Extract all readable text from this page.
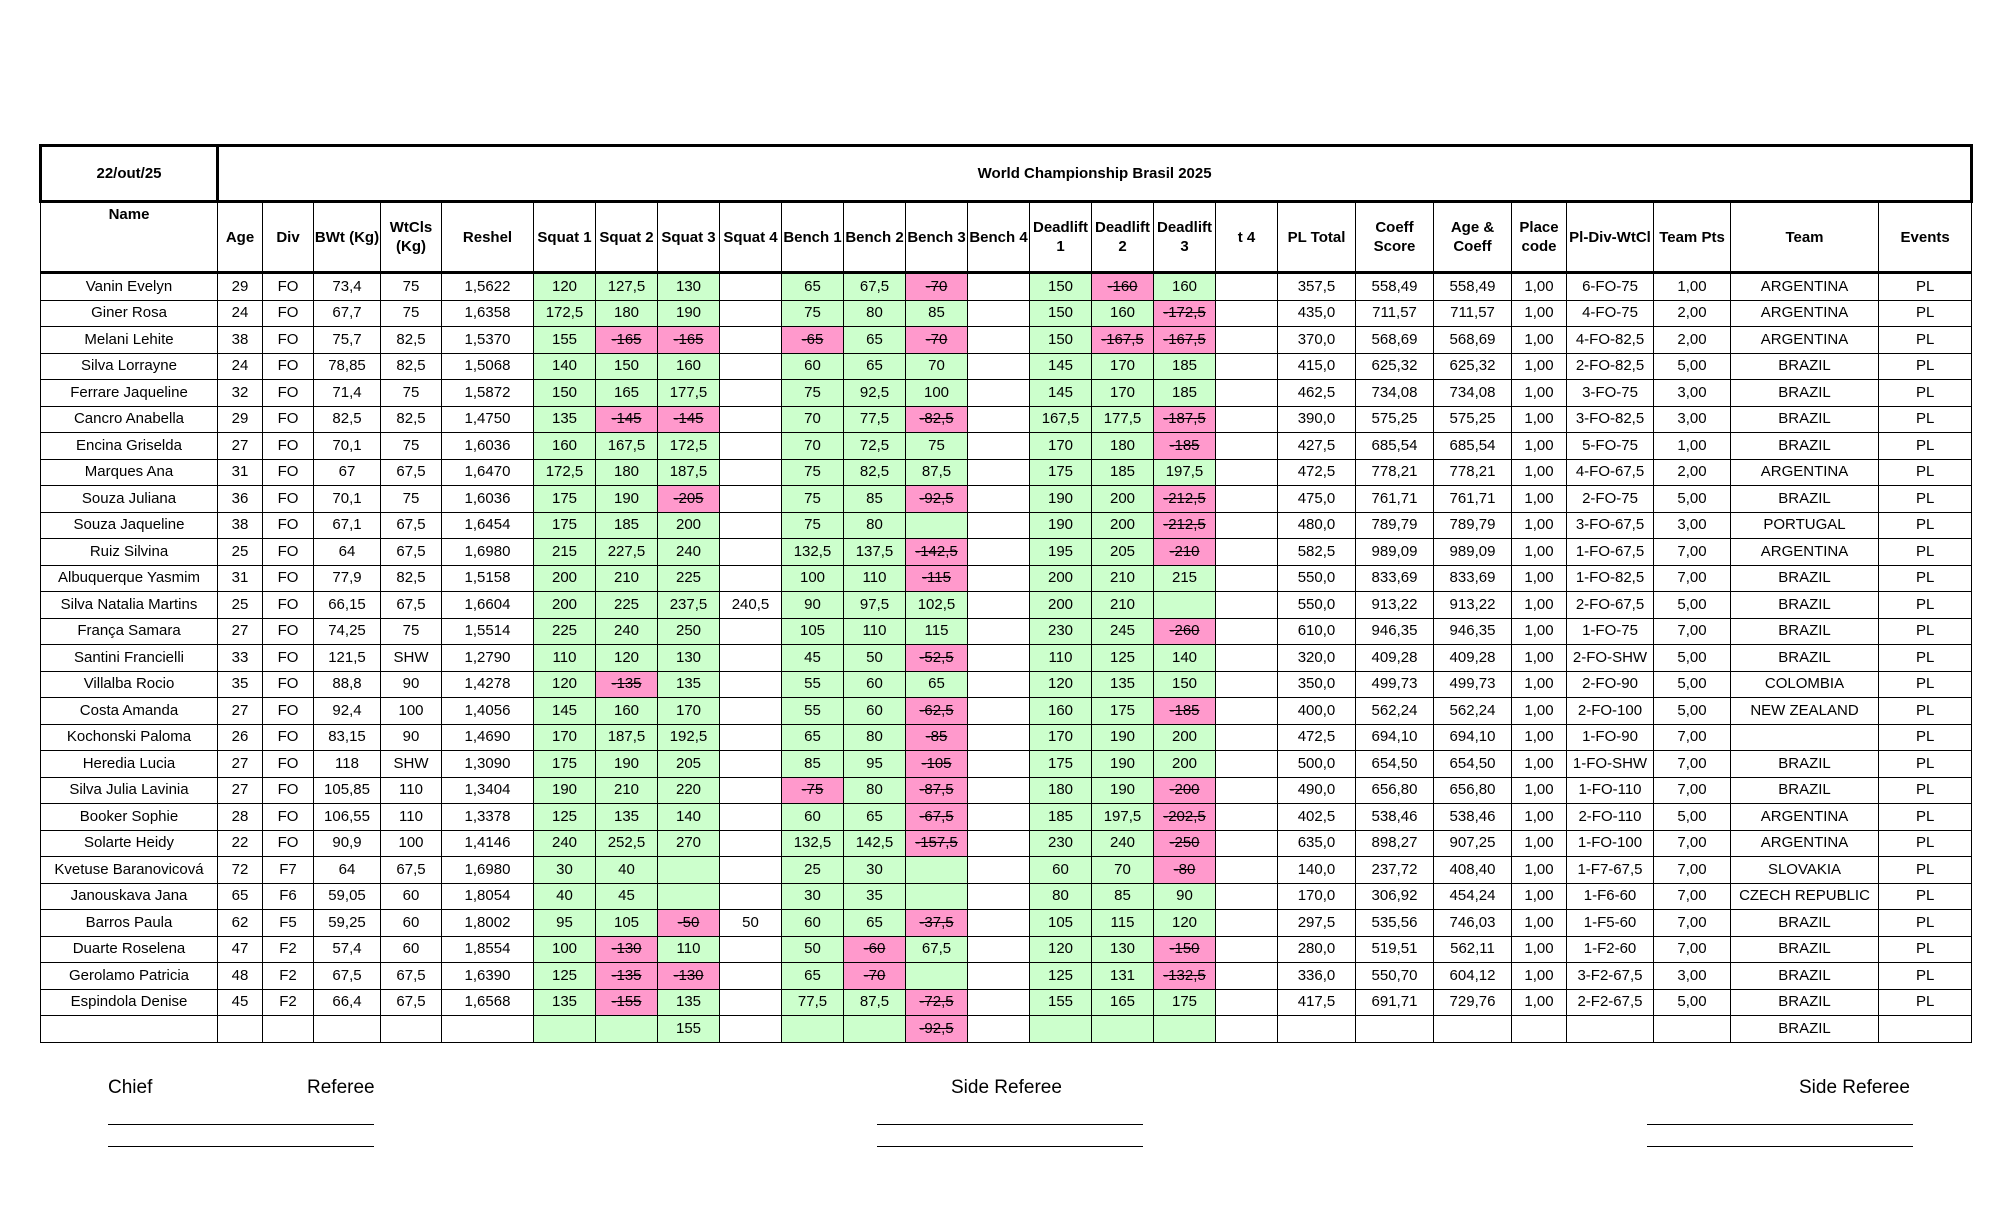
22/out/25	World Championship Brasil 2025																								
Name	Age	Div	BWt (Kg)	WtCls (Kg)	Reshel	Squat 1	Squat 2	Squat 3	Squat 4	Bench 1	Bench 2	Bench 3	Bench 4	Deadlift 1	Deadlift 2	Deadlift 3	t 4	PL Total	Coeff Score	Age & Coeff	Place code	Pl-Div-WtCl	Team Pts	Team	Events
Vanin Evelyn	29	FO	73,4	75	1,5622	120	127,5	130		65	67,5	-70		150	-160	160		357,5	558,49	558,49	1,00	6-FO-75	1,00	ARGENTINA	PL
Giner Rosa	24	FO	67,7	75	1,6358	172,5	180	190		75	80	85		150	160	-172,5		435,0	711,57	711,57	1,00	4-FO-75	2,00	ARGENTINA	PL
Melani Lehite	38	FO	75,7	82,5	1,5370	155	-165	-165		-65	65	-70		150	-167,5	-167,5		370,0	568,69	568,69	1,00	4-FO-82,5	2,00	ARGENTINA	PL
Silva Lorrayne	24	FO	78,85	82,5	1,5068	140	150	160		60	65	70		145	170	185		415,0	625,32	625,32	1,00	2-FO-82,5	5,00	BRAZIL	PL
Ferrare Jaqueline	32	FO	71,4	75	1,5872	150	165	177,5		75	92,5	100		145	170	185		462,5	734,08	734,08	1,00	3-FO-75	3,00	BRAZIL	PL
Cancro Anabella	29	FO	82,5	82,5	1,4750	135	-145	-145		70	77,5	-82,5		167,5	177,5	-187,5		390,0	575,25	575,25	1,00	3-FO-82,5	3,00	BRAZIL	PL
Encina Griselda	27	FO	70,1	75	1,6036	160	167,5	172,5		70	72,5	75		170	180	-185		427,5	685,54	685,54	1,00	5-FO-75	1,00	BRAZIL	PL
Marques Ana	31	FO	67	67,5	1,6470	172,5	180	187,5		75	82,5	87,5		175	185	197,5		472,5	778,21	778,21	1,00	4-FO-67,5	2,00	ARGENTINA	PL
Souza Juliana	36	FO	70,1	75	1,6036	175	190	-205		75	85	-92,5		190	200	-212,5		475,0	761,71	761,71	1,00	2-FO-75	5,00	BRAZIL	PL
Souza Jaqueline	38	FO	67,1	67,5	1,6454	175	185	200		75	80			190	200	-212,5		480,0	789,79	789,79	1,00	3-FO-67,5	3,00	PORTUGAL	PL
Ruiz Silvina	25	FO	64	67,5	1,6980	215	227,5	240		132,5	137,5	-142,5		195	205	-210		582,5	989,09	989,09	1,00	1-FO-67,5	7,00	ARGENTINA	PL
Albuquerque Yasmim	31	FO	77,9	82,5	1,5158	200	210	225		100	110	-115		200	210	215		550,0	833,69	833,69	1,00	1-FO-82,5	7,00	BRAZIL	PL
Silva Natalia Martins	25	FO	66,15	67,5	1,6604	200	225	237,5	240,5	90	97,5	102,5		200	210			550,0	913,22	913,22	1,00	2-FO-67,5	5,00	BRAZIL	PL
França Samara	27	FO	74,25	75	1,5514	225	240	250		105	110	115		230	245	-260		610,0	946,35	946,35	1,00	1-FO-75	7,00	BRAZIL	PL
Santini Francielli	33	FO	121,5	SHW	1,2790	110	120	130		45	50	-52,5		110	125	140		320,0	409,28	409,28	1,00	2-FO-SHW	5,00	BRAZIL	PL
Villalba Rocio	35	FO	88,8	90	1,4278	120	-135	135		55	60	65		120	135	150		350,0	499,73	499,73	1,00	2-FO-90	5,00	COLOMBIA	PL
Costa Amanda	27	FO	92,4	100	1,4056	145	160	170		55	60	-62,5		160	175	-185		400,0	562,24	562,24	1,00	2-FO-100	5,00	NEW ZEALAND	PL
Kochonski Paloma	26	FO	83,15	90	1,4690	170	187,5	192,5		65	80	-85		170	190	200		472,5	694,10	694,10	1,00	1-FO-90	7,00		PL
Heredia Lucia	27	FO	118	SHW	1,3090	175	190	205		85	95	-105		175	190	200		500,0	654,50	654,50	1,00	1-FO-SHW	7,00	BRAZIL	PL
Silva Julia Lavinia	27	FO	105,85	110	1,3404	190	210	220		-75	80	-87,5		180	190	-200		490,0	656,80	656,80	1,00	1-FO-110	7,00	BRAZIL	PL
Booker Sophie	28	FO	106,55	110	1,3378	125	135	140		60	65	-67,5		185	197,5	-202,5		402,5	538,46	538,46	1,00	2-FO-110	5,00	ARGENTINA	PL
Solarte Heidy	22	FO	90,9	100	1,4146	240	252,5	270		132,5	142,5	-157,5		230	240	-250		635,0	898,27	907,25	1,00	1-FO-100	7,00	ARGENTINA	PL
Kvetuse Baranovicová	72	F7	64	67,5	1,6980	30	40			25	30			60	70	-80		140,0	237,72	408,40	1,00	1-F7-67,5	7,00	SLOVAKIA	PL
Janouskava Jana	65	F6	59,05	60	1,8054	40	45			30	35			80	85	90		170,0	306,92	454,24	1,00	1-F6-60	7,00	CZECH REPUBLIC	PL
Barros Paula	62	F5	59,25	60	1,8002	95	105	-50	50	60	65	-37,5		105	115	120		297,5	535,56	746,03	1,00	1-F5-60	7,00	BRAZIL	PL
Duarte Roselena	47	F2	57,4	60	1,8554	100	-130	110		50	-60	67,5		120	130	-150		280,0	519,51	562,11	1,00	1-F2-60	7,00	BRAZIL	PL
Gerolamo Patricia	48	F2	67,5	67,5	1,6390	125	-135	-130		65	-70			125	131	-132,5		336,0	550,70	604,12	1,00	3-F2-67,5	3,00	BRAZIL	PL
Espindola Denise	45	F2	66,4	67,5	1,6568	135	-155	135		77,5	87,5	-72,5		155	165	175		417,5	691,71	729,76	1,00	2-F2-67,5	5,00	BRAZIL	PL
								155				-92,5												BRAZIL	
Chief	Referee	Side Referee	Side Referee
